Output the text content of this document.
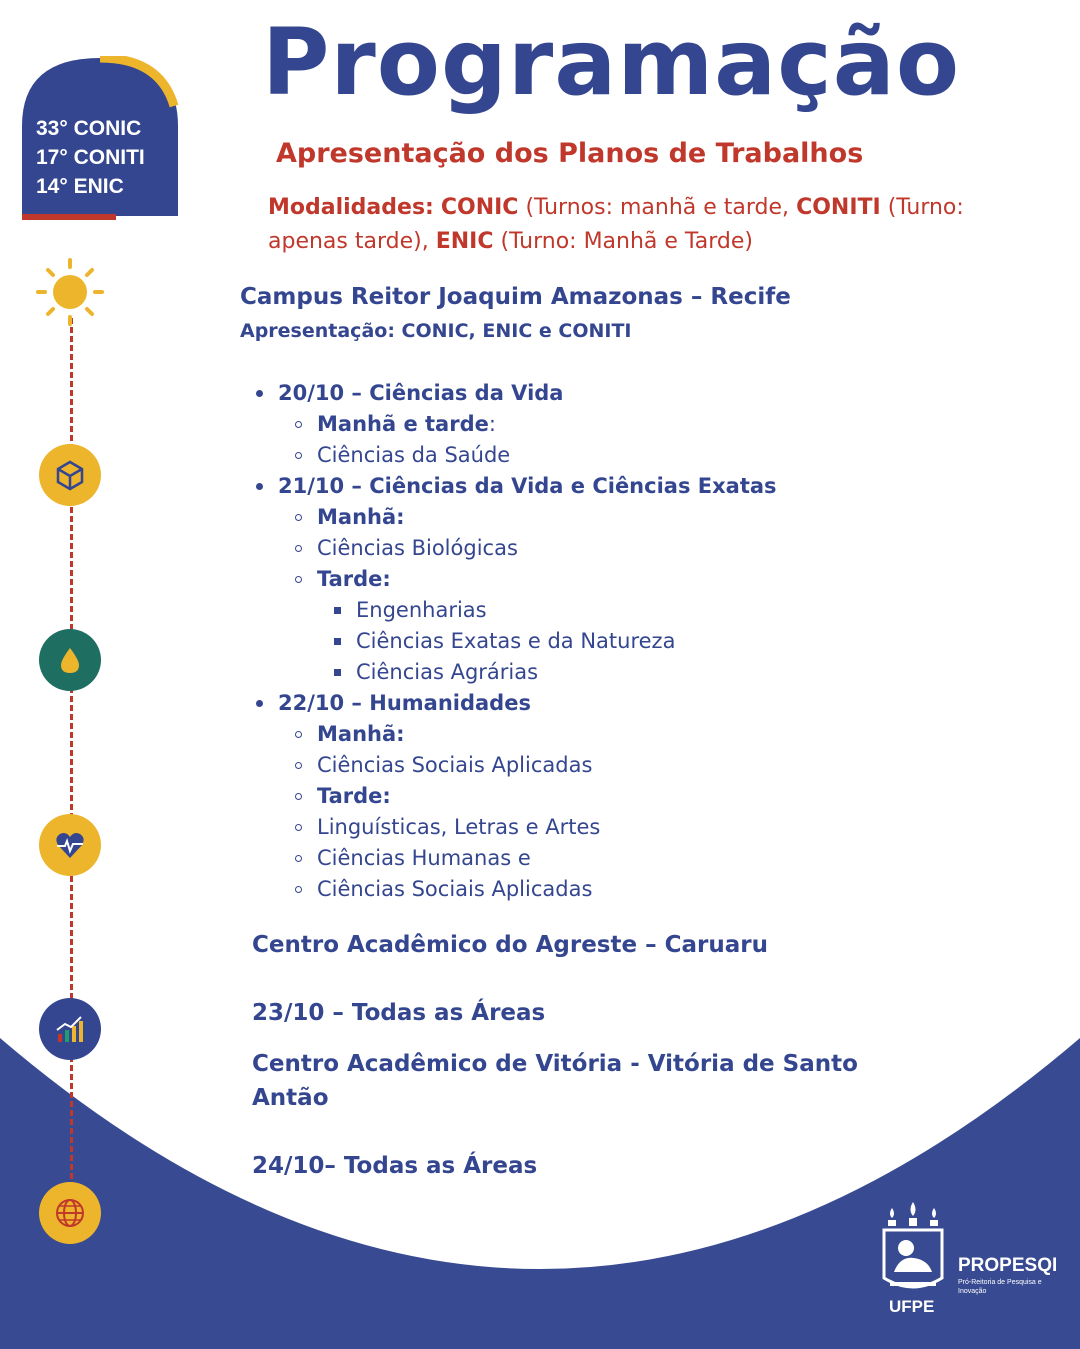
Programação
Apresentação dos Planos de Trabalhos
Modalidades: CONIC (Turnos: manhã e tarde, CONITI (Turno: apenas tarde), ENIC (Turno: Manhã e Tarde)
33° CONIC
17° CONITI
14° ENIC
Campus Reitor Joaquim Amazonas – Recife
Apresentação: CONIC, ENIC e CONITI
20/10 – Ciências da Vida
Manhã e tarde:
Ciências da Saúde
21/10 – Ciências da Vida e Ciências Exatas
Manhã:
Ciências Biológicas
Tarde:
Engenharias
Ciências Exatas e da Natureza
Ciências Agrárias
22/10 – Humanidades
Manhã:
Ciências Sociais Aplicadas
Tarde:
Linguísticas, Letras e Artes
Ciências Humanas e
Ciências Sociais Aplicadas
Centro Acadêmico do Agreste – Caruaru
23/10 – Todas as Áreas
Centro Acadêmico de Vitória - Vitória de Santo
Antão
24/10– Todas as Áreas
UFPE
PROPESQI
Pró-Reitoria de Pesquisa e Inovação
